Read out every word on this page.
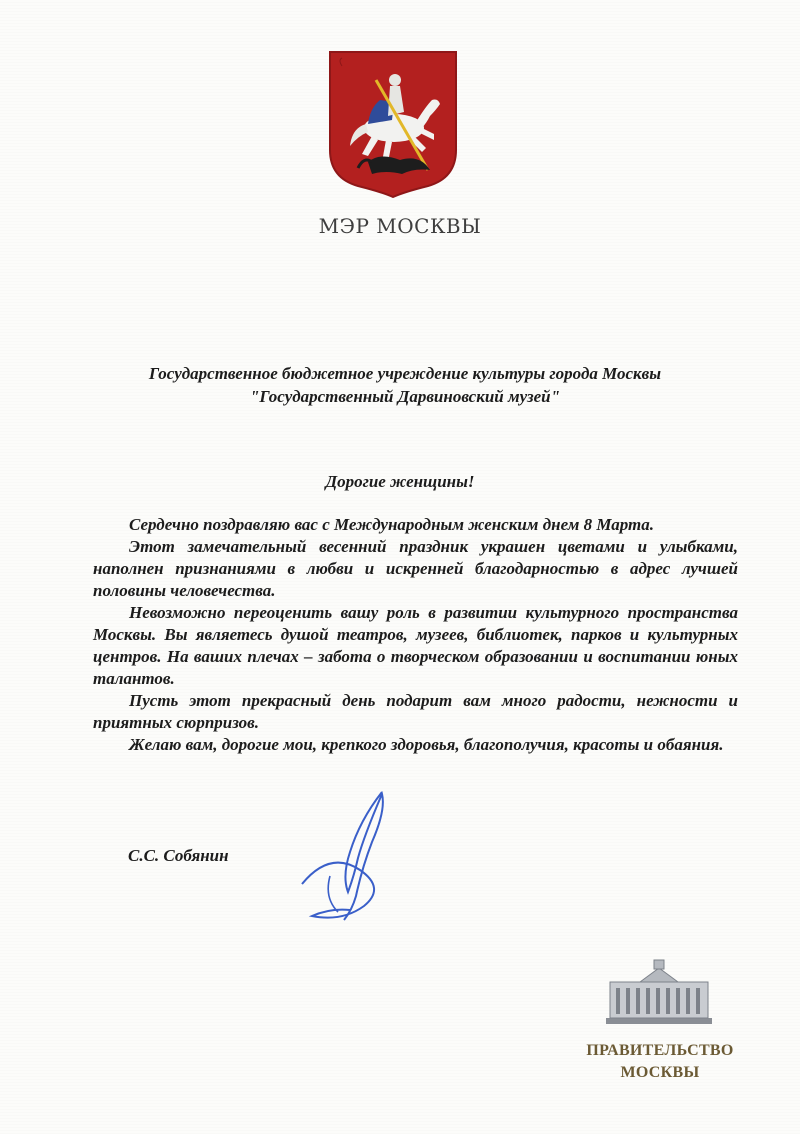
МЭР МОСКВЫ
Государственное бюджетное учреждение культуры города Москвы
"Государственный Дарвиновский музей"
Дорогие женщины!

Сердечно поздравляю вас с Международным женским днем 8 Марта.

Этот замечательный весенний праздник украшен цветами и улыбками, наполнен признаниями в любви и искренней благодарностью в адрес лучшей половины человечества.

Невозможно переоценить вашу роль в развитии культурного пространства Москвы. Вы являетесь душой театров, музеев, библиотек, парков и культурных центров. На ваших плечах – забота о творческом образовании и воспитании юных талантов.

Пусть этот прекрасный день подарит вам много радости, нежности и приятных сюрпризов.

Желаю вам, дорогие мои, крепкого здоровья, благополучия, красоты и обаяния.

С.С. Собянин
ПРАВИТЕЛЬСТВО
МОСКВЫ
